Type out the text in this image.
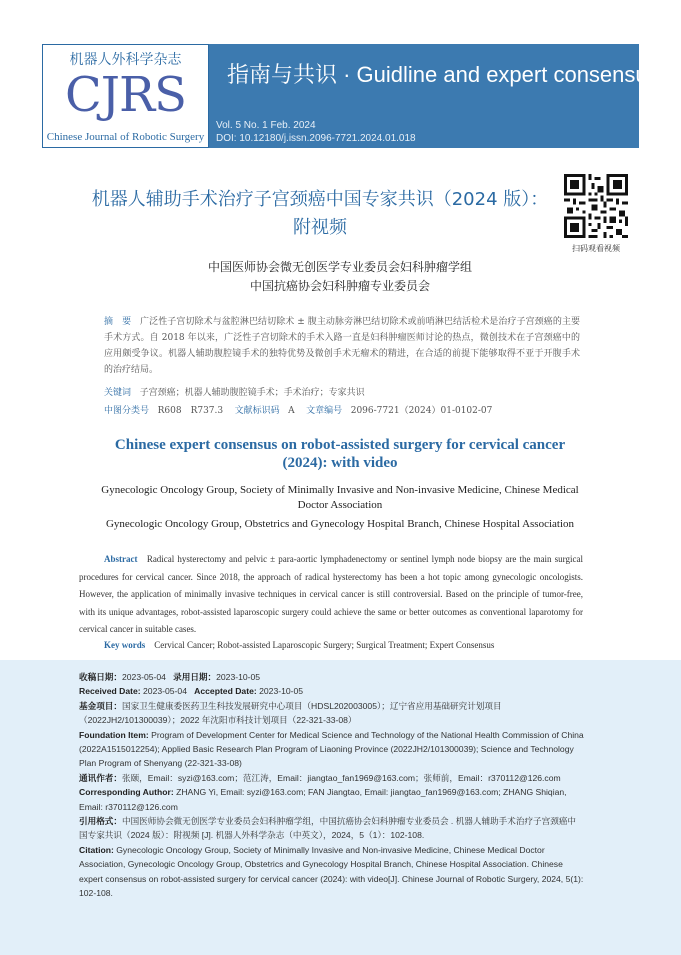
机器人外科学杂志
CJRS
Chinese Journal of Robotic Surgery
指南与共识 · Guidline and expert consensus
Vol. 5 No. 1 Feb. 2024
DOI: 10.12180/j.issn.2096-7721.2024.01.018
机器人辅助手术治疗子宫颈癌中国专家共识（2024 版）：
附视频
扫码观看视频
中国医师协会微无创医学专业委员会妇科肿瘤学组
中国抗癌协会妇科肿瘤专业委员会
摘　要 广泛性子宫切除术与盆腔淋巴结切除术 ± 腹主动脉旁淋巴结切除术或前哨淋巴结活检术是治疗子宫颈癌的主要手术方式。自 2018 年以来，广泛性子宫切除术的手术入路一直是妇科肿瘤医师讨论的热点，微创技术在子宫颈癌中的应用颇受争议。机器人辅助腹腔镜手术的独特优势及微创手术无瘤术的精进，在合适的前提下能够取得不亚于开腹手术的治疗结局。
关键词 子宫颈癌；机器人辅助腹腔镜手术；手术治疗；专家共识
中图分类号 R608　R737.3 文献标识码 A 文章编号 2096-7721（2024）01-0102-07
Chinese expert consensus on robot-assisted surgery for cervical cancer
(2024): with video
Gynecologic Oncology Group, Society of Minimally Invasive and Non-invasive Medicine, Chinese Medical Doctor Association
Gynecologic Oncology Group, Obstetrics and Gynecology Hospital Branch, Chinese Hospital Association
Abstract Radical hysterectomy and pelvic ± para-aortic lymphadenectomy or sentinel lymph node biopsy are the main surgical procedures for cervical cancer. Since 2018, the approach of radical hysterectomy has been a hot topic among gynecologic oncologists. However, the application of minimally invasive techniques in cervical cancer is still controversial. Based on the principle of tumor-free, with its unique advantages, robot-assisted laparoscopic surgery could achieve the same or better outcomes as conventional laparotomy for cervical cancer in suitable cases.
Key words Cervical Cancer; Robot-assisted Laparoscopic Surgery; Surgical Treatment; Expert Consensus

收稿日期：2023-05-04 录用日期：2023-10-05

Received Date: 2023-05-04 Accepted Date: 2023-10-05

基金项目：国家卫生健康委医药卫生科技发展研究中心项目（HDSL202003005）；辽宁省应用基础研究计划项目（2022JH2/101300039）；2022 年沈阳市科技计划项目（22-321-33-08）

Foundation Item: Program of Development Center for Medical Science and Technology of the National Health Commission of China (2022A1515012254); Applied Basic Research Plan Program of Liaoning Province (2022JH2/101300039); Science and Technology Plan Program of Shenyang (22-321-33-08)

通讯作者：张颐，Email：syzi@163.com；范江涛，Email：jiangtao_fan1969@163.com；张师前，Email：r370112@126.com

Corresponding Author: ZHANG Yi, Email: syzi@163.com; FAN Jiangtao, Email: jiangtao_fan1969@163.com; ZHANG Shiqian, Email: r370112@126.com

引用格式：中国医师协会微无创医学专业委员会妇科肿瘤学组，中国抗癌协会妇科肿瘤专业委员会 . 机器人辅助手术治疗子宫颈癌中国专家共识（2024 版）：附视频 [J]. 机器人外科学杂志（中英文），2024，5（1）：102-108.

Citation: Gynecologic Oncology Group, Society of Minimally Invasive and Non-invasive Medicine, Chinese Medical Doctor Association, Gynecologic Oncology Group, Obstetrics and Gynecology Hospital Branch, Chinese Hospital Association. Chinese expert consensus on robot-assisted surgery for cervical cancer (2024): with video[J]. Chinese Journal of Robotic Surgery, 2024, 5(1): 102-108.
